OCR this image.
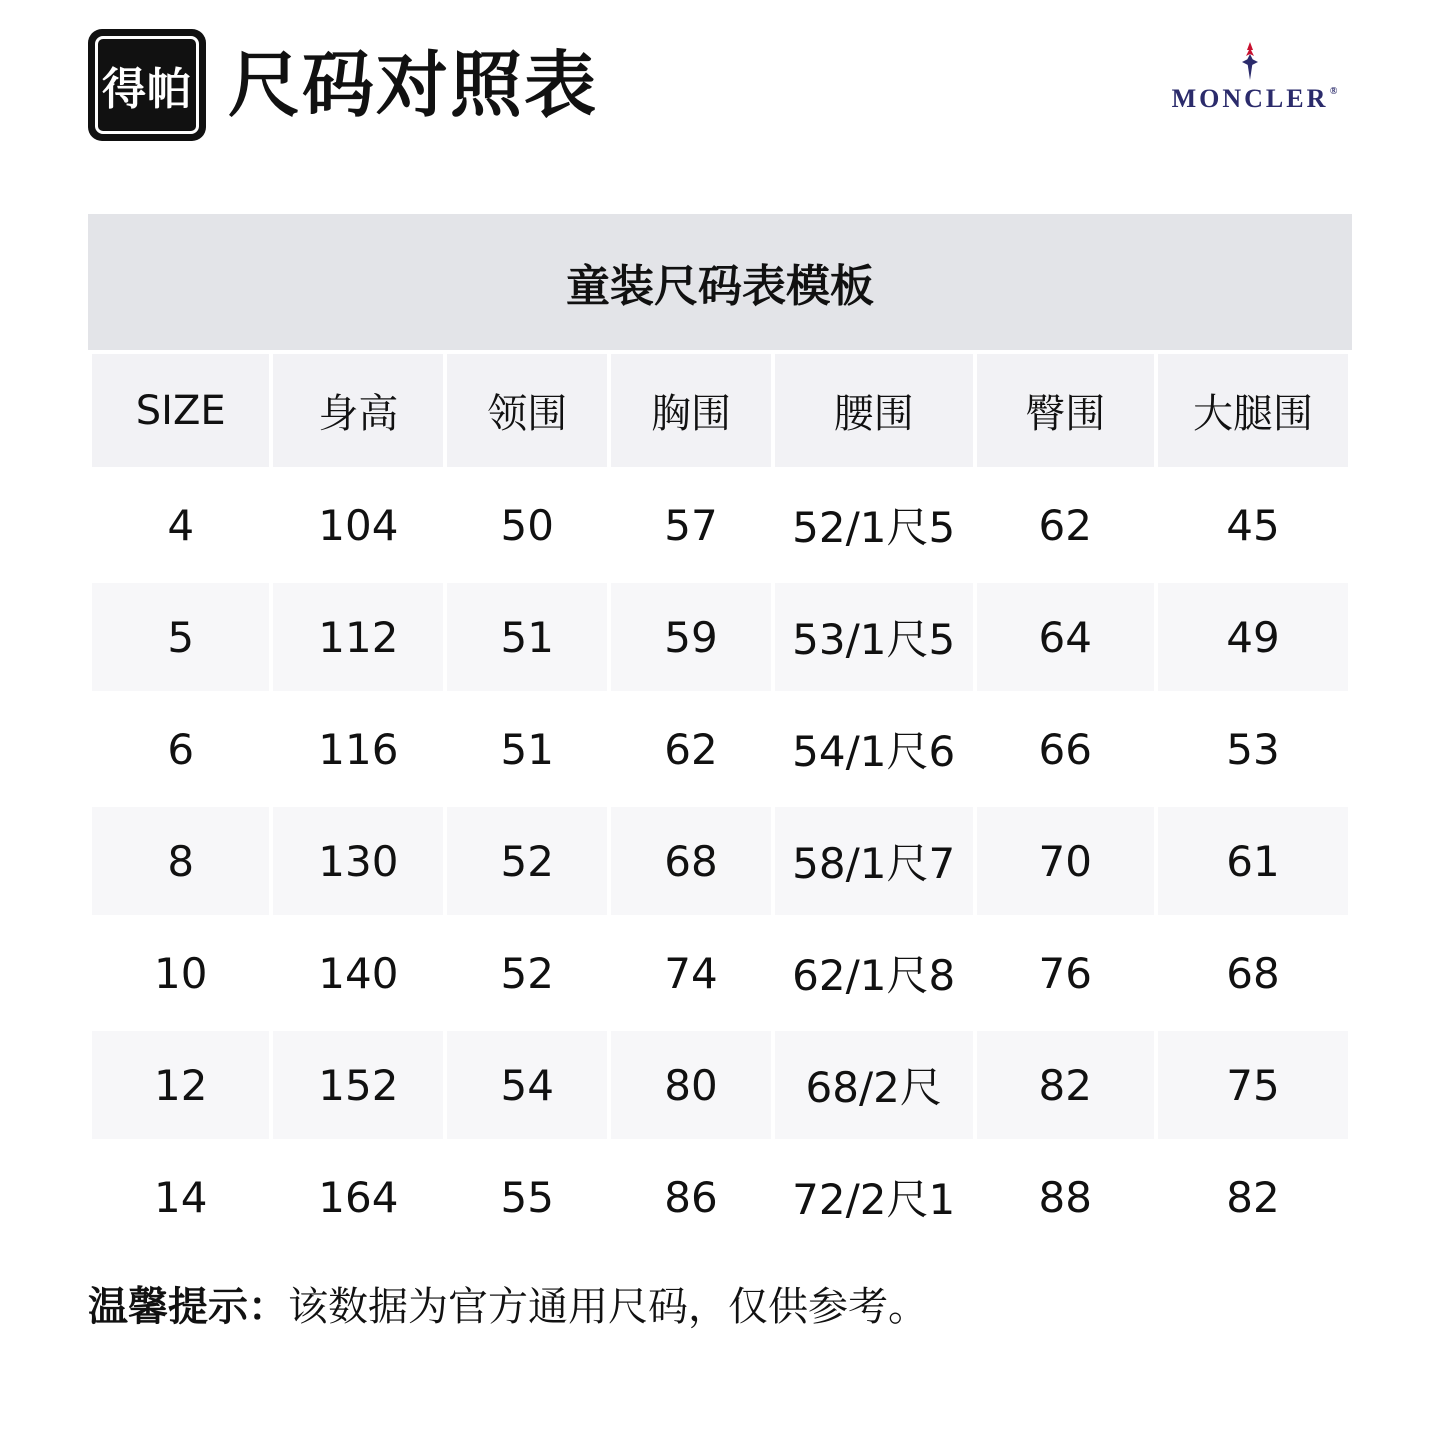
得帕 尺码对照表	MONCLER ®
童装尺码表模板
SIZE	身高	领围	胸围	腰围	臀围	大腿围
4	104	50	57	52/1尺5	62	45
5	112	51	59	53/1尺5	64	49
6	116	51	62	54/1尺6	66	53
8	130	52	68	58/1尺7	70	61
10	140	52	74	62/1尺8	76	68
12	152	54	80	68/2尺	82	75
14	164	55	86	72/2尺1	88	82
温馨提示：该数据为官方通用尺码，仅供参考。
